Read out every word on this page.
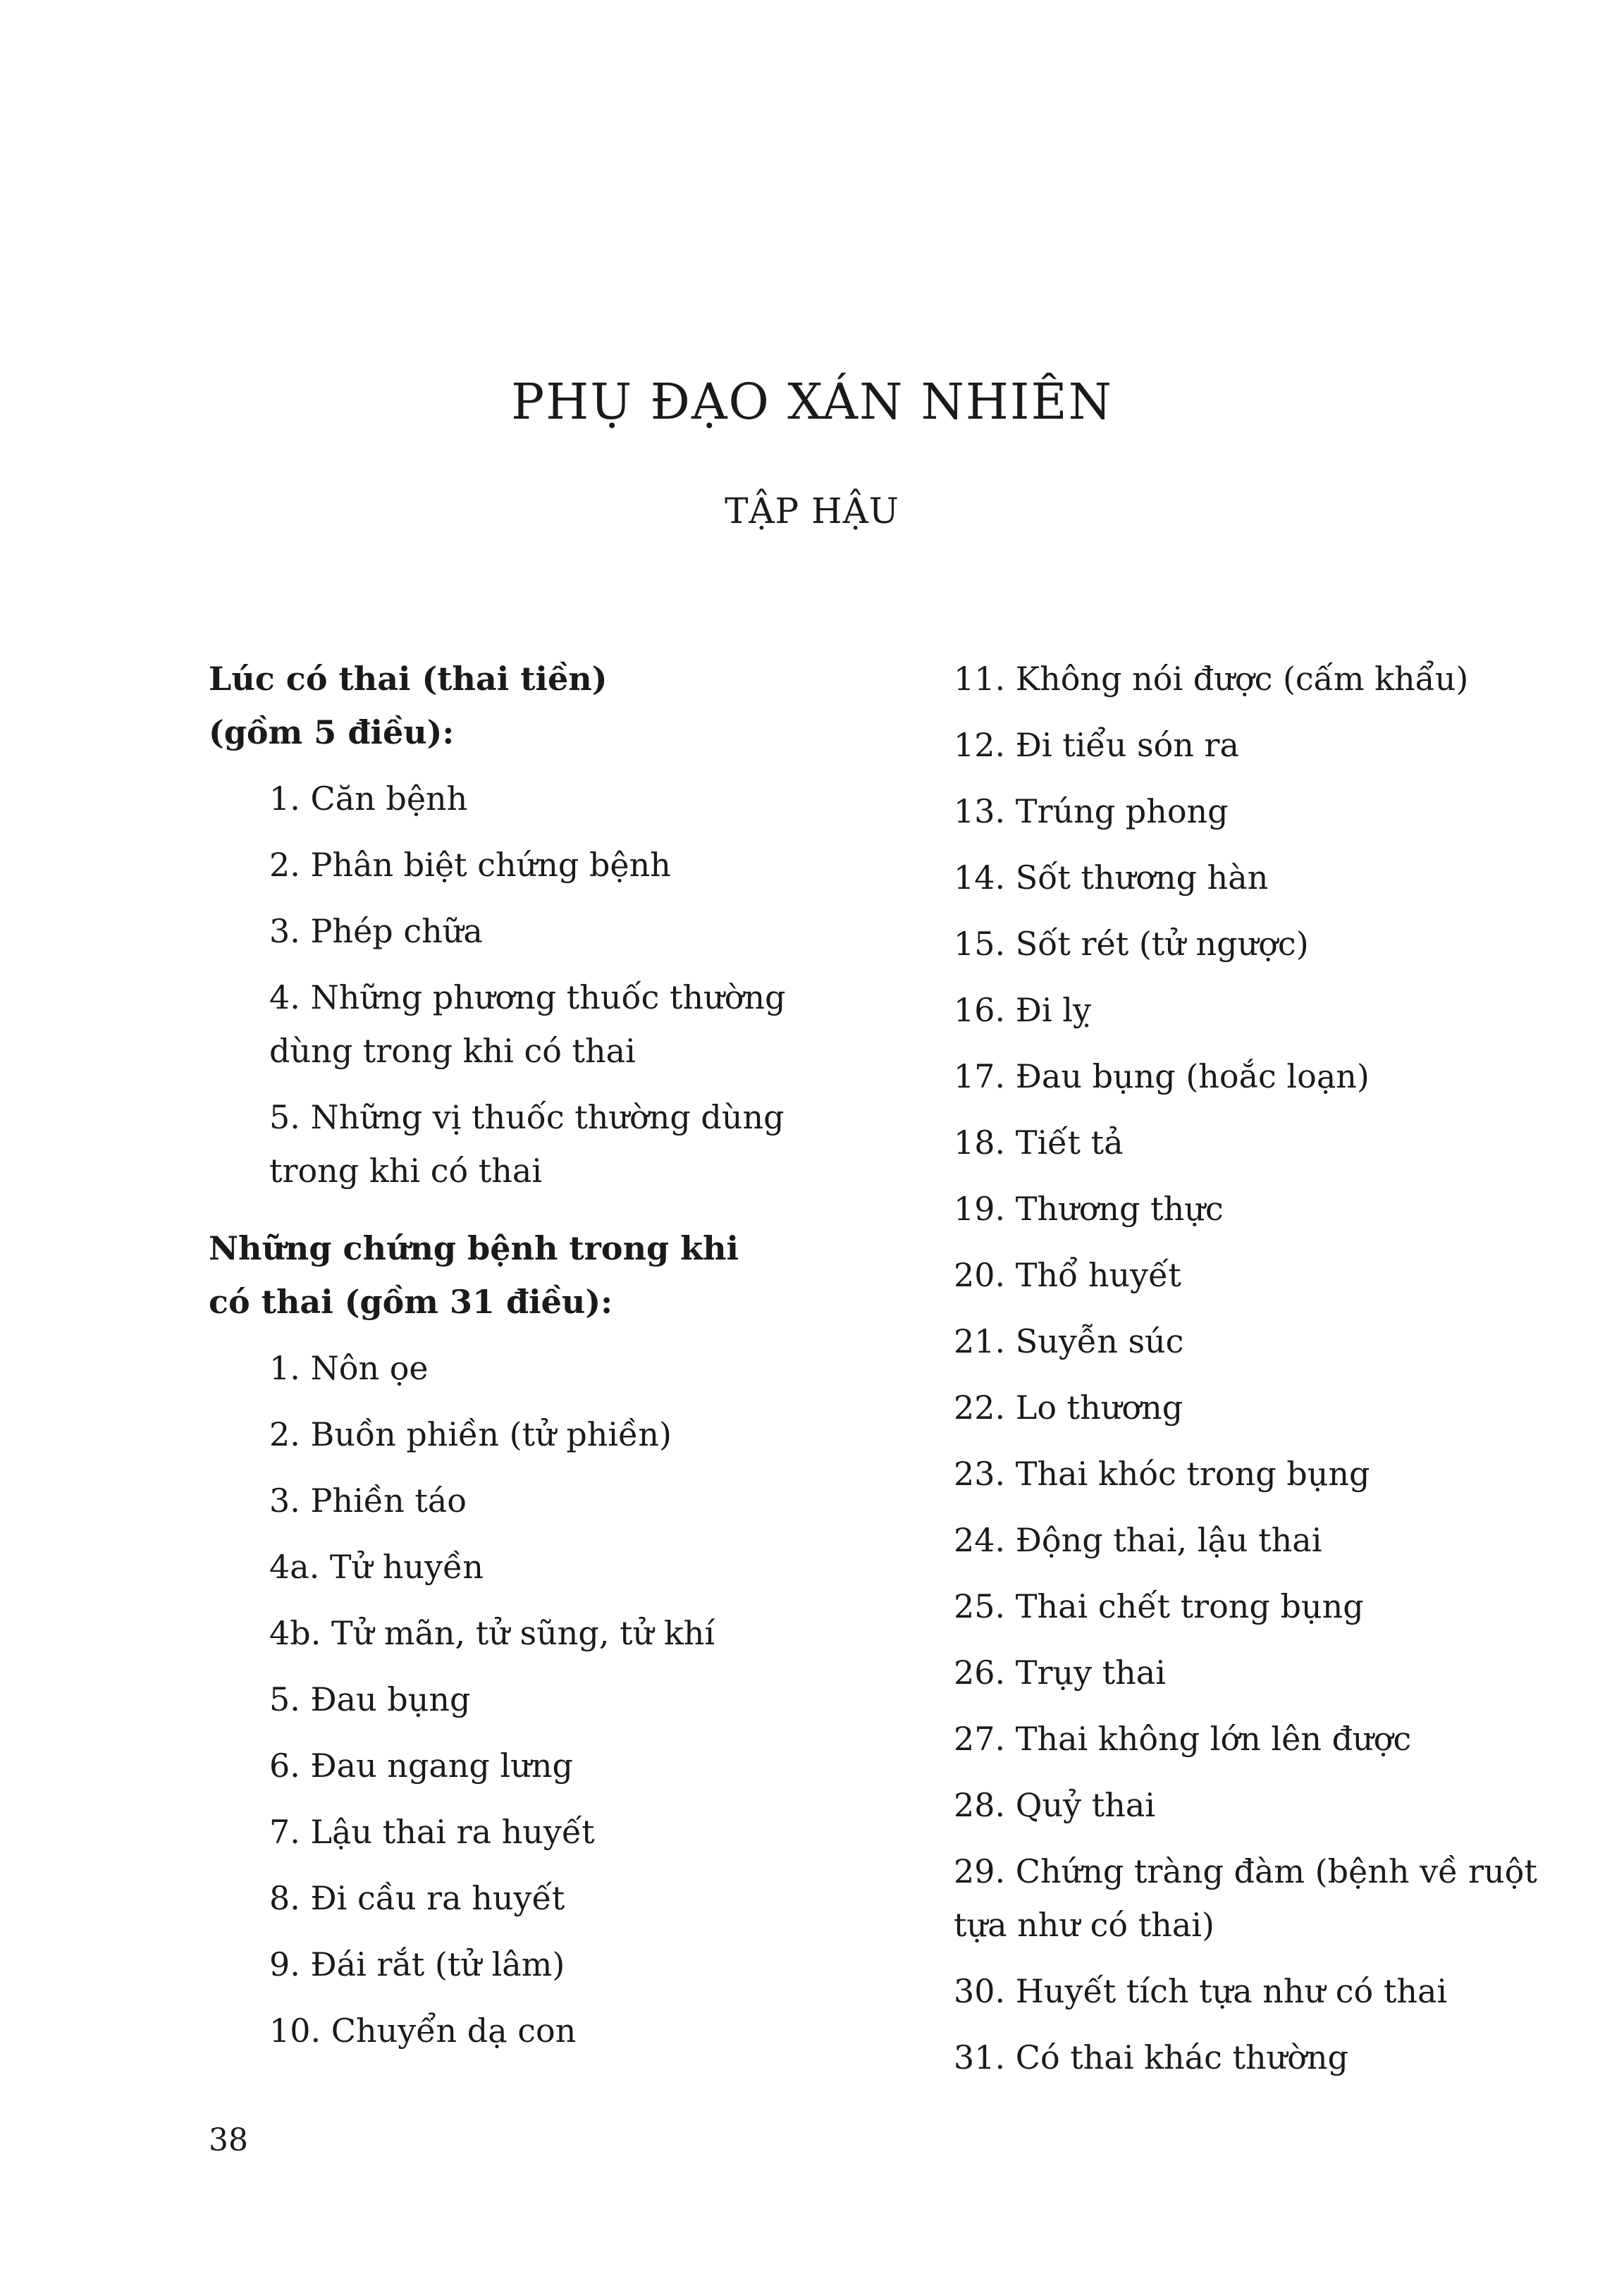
PHỤ ĐẠO XÁN NHIÊN
TẬP HẬU

Lúc có thai (thai tiền)
(gồm 5 điều):

1. Căn bệnh
2. Phân biệt chứng bệnh
3. Phép chữa
4. Những phương thuốc thường dùng trong khi có thai
5. Những vị thuốc thường dùng trong khi có thai

Những chứng bệnh trong khi
có thai (gồm 31 điều):

1. Nôn ọe
2. Buồn phiền (tử phiền)
3. Phiền táo
4a. Tử huyền
4b. Tử mãn, tử sũng, tử khí
5. Đau bụng
6. Đau ngang lưng
7. Lậu thai ra huyết
8. Đi cầu ra huyết
9. Đái rắt (tử lâm)
10. Chuyển dạ con
11. Không nói được (cấm khẩu)
12. Đi tiểu són ra
13. Trúng phong
14. Sốt thương hàn
15. Sốt rét (tử ngược)
16. Đi lỵ
17. Đau bụng (hoắc loạn)
18. Tiết tả
19. Thương thực
20. Thổ huyết
21. Suyễn súc
22. Lo thương
23. Thai khóc trong bụng
24. Động thai, lậu thai
25. Thai chết trong bụng
26. Trụy thai
27. Thai không lớn lên được
28. Quỷ thai
29. Chứng tràng đàm (bệnh về ruột tựa như có thai)
30. Huyết tích tựa như có thai
31. Có thai khác thường
38
